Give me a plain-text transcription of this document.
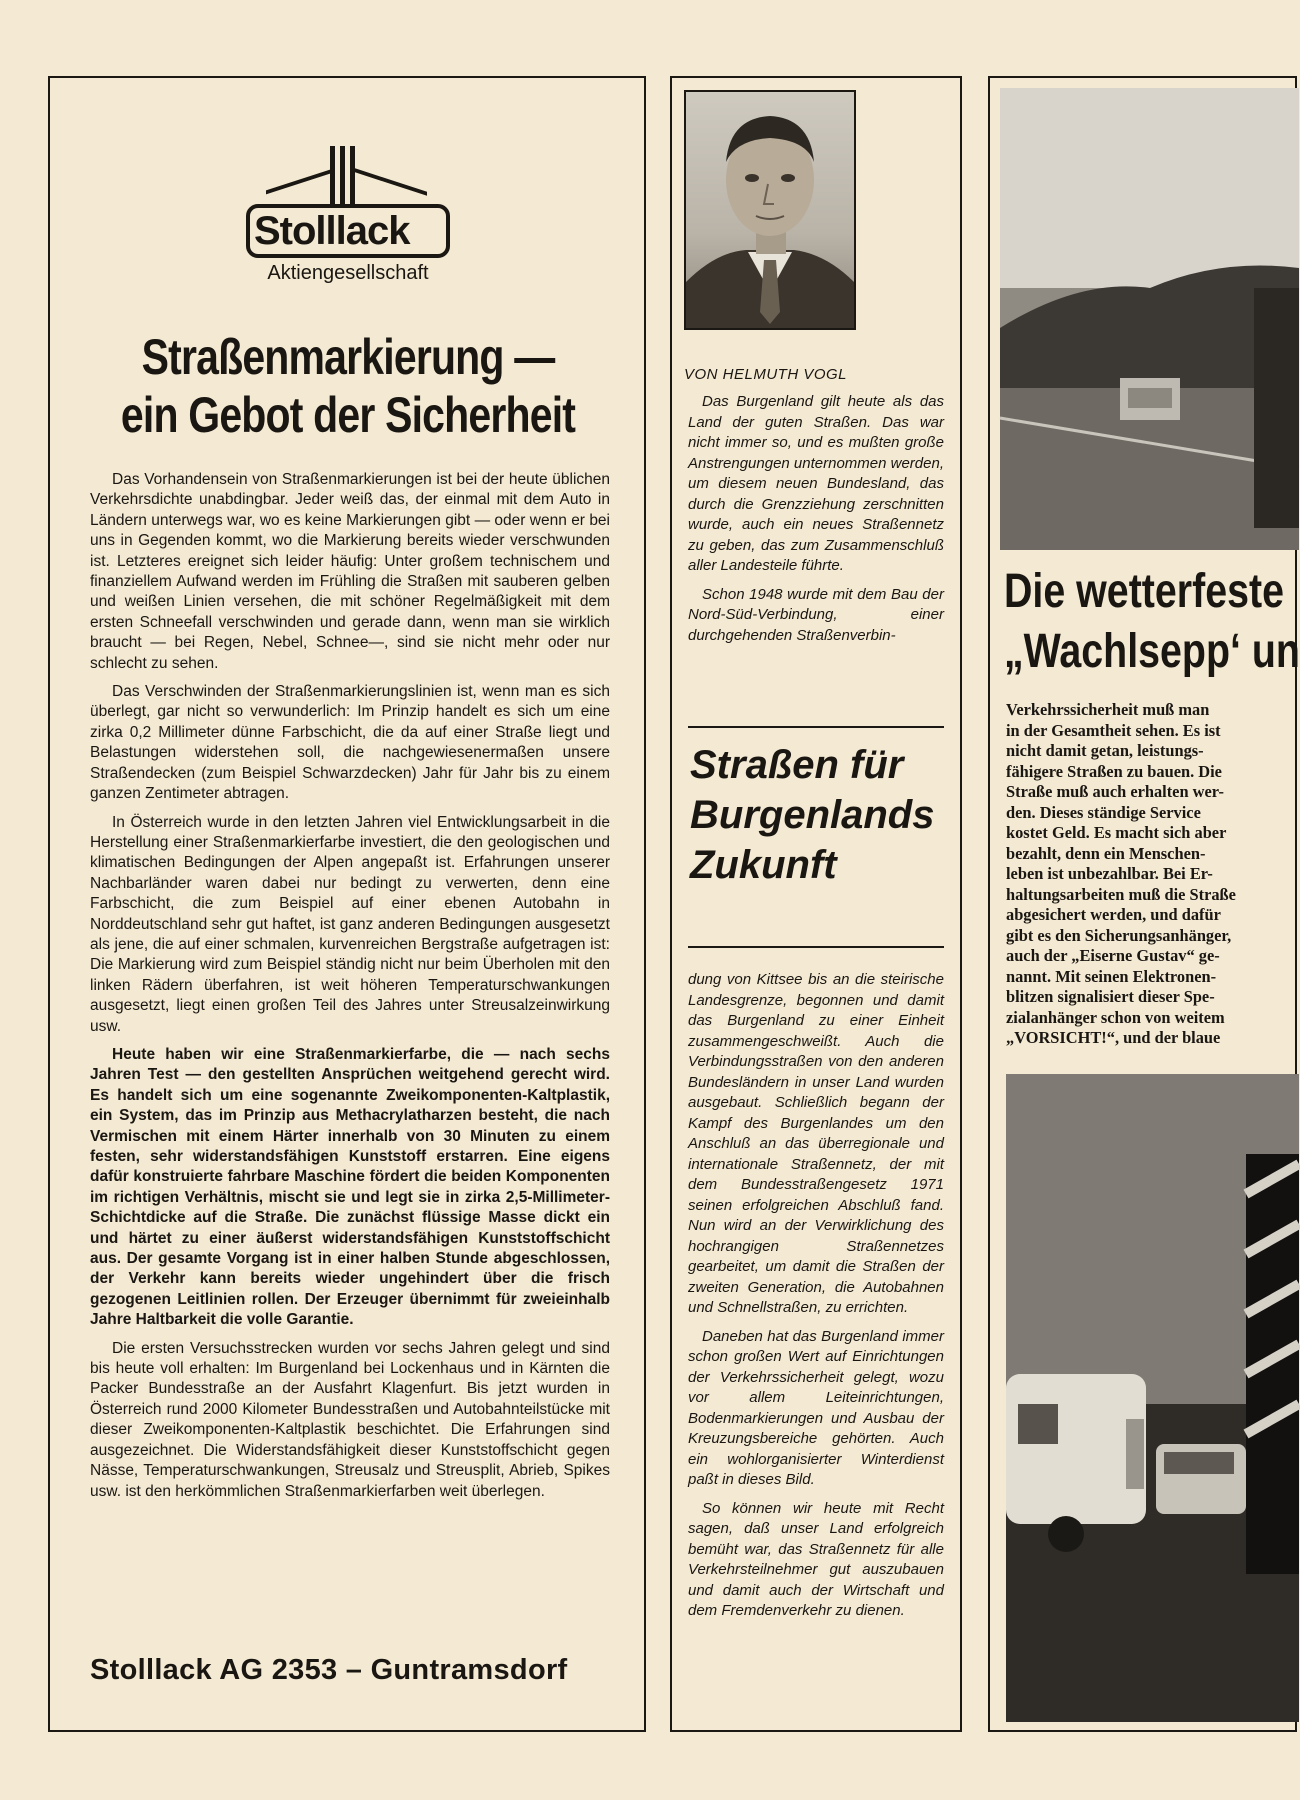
Stolllack
Aktiengesellschaft
Straßenmarkierung —
ein Gebot der Sicherheit

Das Vorhandensein von Straßenmarkierungen ist bei der heute üblichen Verkehrsdichte unabdingbar. Jeder weiß das, der einmal mit dem Auto in Ländern unterwegs war, wo es keine Markierungen gibt — oder wenn er bei uns in Gegenden kommt, wo die Markierung bereits wieder verschwunden ist. Letzteres ereignet sich leider häufig: Unter großem technischem und finanziellem Aufwand werden im Frühling die Straßen mit sauberen gelben und weißen Linien versehen, die mit schöner Regelmäßigkeit mit dem ersten Schneefall verschwinden und gerade dann, wenn man sie wirklich braucht — bei Regen, Nebel, Schnee—, sind sie nicht mehr oder nur schlecht zu sehen.

Das Verschwinden der Straßenmarkierungslinien ist, wenn man es sich überlegt, gar nicht so verwunderlich: Im Prinzip handelt es sich um eine zirka 0,2 Millimeter dünne Farbschicht, die da auf einer Straße liegt und Belastungen widerstehen soll, die nachgewiesenermaßen unsere Straßendecken (zum Beispiel Schwarzdecken) Jahr für Jahr bis zu einem ganzen Zentimeter abtragen.

In Österreich wurde in den letzten Jahren viel Entwicklungsarbeit in die Herstellung einer Straßenmarkierfarbe investiert, die den geologischen und klimatischen Bedingungen der Alpen angepaßt ist. Erfahrungen unserer Nachbarländer waren dabei nur bedingt zu verwerten, denn eine Farbschicht, die zum Beispiel auf einer ebenen Autobahn in Norddeutschland sehr gut haftet, ist ganz anderen Bedingungen ausgesetzt als jene, die auf einer schmalen, kurvenreichen Bergstraße aufgetragen ist: Die Markierung wird zum Beispiel ständig nicht nur beim Überholen mit den linken Rädern überfahren, ist weit höheren Temperaturschwankungen ausgesetzt, liegt einen großen Teil des Jahres unter Streusalzeinwirkung usw.

Heute haben wir eine Straßenmarkierfarbe, die — nach sechs Jahren Test — den gestellten Ansprüchen weitgehend gerecht wird. Es handelt sich um eine sogenannte Zweikomponenten-Kaltplastik, ein System, das im Prinzip aus Methacrylatharzen besteht, die nach Vermischen mit einem Härter innerhalb von 30 Minuten zu einem festen, sehr widerstandsfähigen Kunststoff erstarren. Eine eigens dafür konstruierte fahrbare Maschine fördert die beiden Komponenten im richtigen Verhältnis, mischt sie und legt sie in zirka 2,5-Millimeter-Schichtdicke auf die Straße. Die zunächst flüssige Masse dickt ein und härtet zu einer äußerst widerstandsfähigen Kunststoffschicht aus. Der gesamte Vorgang ist in einer halben Stunde abgeschlossen, der Verkehr kann bereits wieder ungehindert über die frisch gezogenen Leitlinien rollen. Der Erzeuger übernimmt für zweieinhalb Jahre Haltbarkeit die volle Garantie.

Die ersten Versuchsstrecken wurden vor sechs Jahren gelegt und sind bis heute voll erhalten: Im Burgenland bei Lockenhaus und in Kärnten die Packer Bundesstraße an der Ausfahrt Klagenfurt. Bis jetzt wurden in Österreich rund 2000 Kilometer Bundesstraßen und Autobahnteilstücke mit dieser Zweikomponenten-Kaltplastik beschichtet. Die Erfahrungen sind ausgezeichnet. Die Widerstandsfähigkeit dieser Kunststoffschicht gegen Nässe, Temperaturschwankungen, Streusalz und Streusplit, Abrieb, Spikes usw. ist den herkömmlichen Straßenmarkierfarben weit überlegen.

Stolllack AG 2353 – Guntramsdorf
VON HELMUTH VOGL

Das Burgenland gilt heute als das Land der guten Straßen. Das war nicht immer so, und es mußten große Anstrengungen unternommen werden, um diesem neuen Bundesland, das durch die Grenzziehung zerschnitten wurde, auch ein neues Straßennetz zu geben, das zum Zusammenschluß aller Landesteile führte.

Schon 1948 wurde mit dem Bau der Nord-Süd-Verbindung, einer durchgehenden Straßenverbin-

Straßen für Burgenlands Zukunft

dung von Kittsee bis an die steirische Landesgrenze, begonnen und damit das Burgenland zu einer Einheit zusammengeschweißt. Auch die Verbindungsstraßen von den anderen Bundesländern in unser Land wurden ausgebaut. Schließlich begann der Kampf des Burgenlandes um den Anschluß an das überregionale und internationale Straßennetz, der mit dem Bundesstraßengesetz 1971 seinen erfolgreichen Abschluß fand. Nun wird an der Verwirklichung des hochrangigen Straßennetzes gearbeitet, um damit die Straßen der zweiten Generation, die Autobahnen und Schnellstraßen, zu errichten.

Daneben hat das Burgenland immer schon großen Wert auf Einrichtungen der Verkehrssicherheit gelegt, wozu vor allem Leiteinrichtungen, Bodenmarkierungen und Ausbau der Kreuzungsbereiche gehörten. Auch ein wohlorganisierter Winterdienst paßt in dieses Bild.

So können wir heute mit Recht sagen, daß unser Land erfolgreich bemüht war, das Straßennetz für alle Verkehrsteilnehmer gut auszubauen und damit auch der Wirtschaft und dem Fremdenverkehr zu dienen.

Die wetterfeste
„Wachlsepp‘ un
Verkehrssicherheit muß man
in der Gesamtheit sehen. Es ist
nicht damit getan, leistungs-
fähigere Straßen zu bauen. Die
Straße muß auch erhalten wer-
den. Dieses ständige Service
kostet Geld. Es macht sich aber
bezahlt, denn ein Menschen-
leben ist unbezahlbar. Bei Er-
haltungsarbeiten muß die Straße
abgesichert werden, und dafür
gibt es den Sicherungsanhänger,
auch der „Eiserne Gustav“ ge-
nannt. Mit seinen Elektronen-
blitzen signalisiert dieser Spe-
zialanhänger schon von weitem
„VORSICHT!“, und der blaue
